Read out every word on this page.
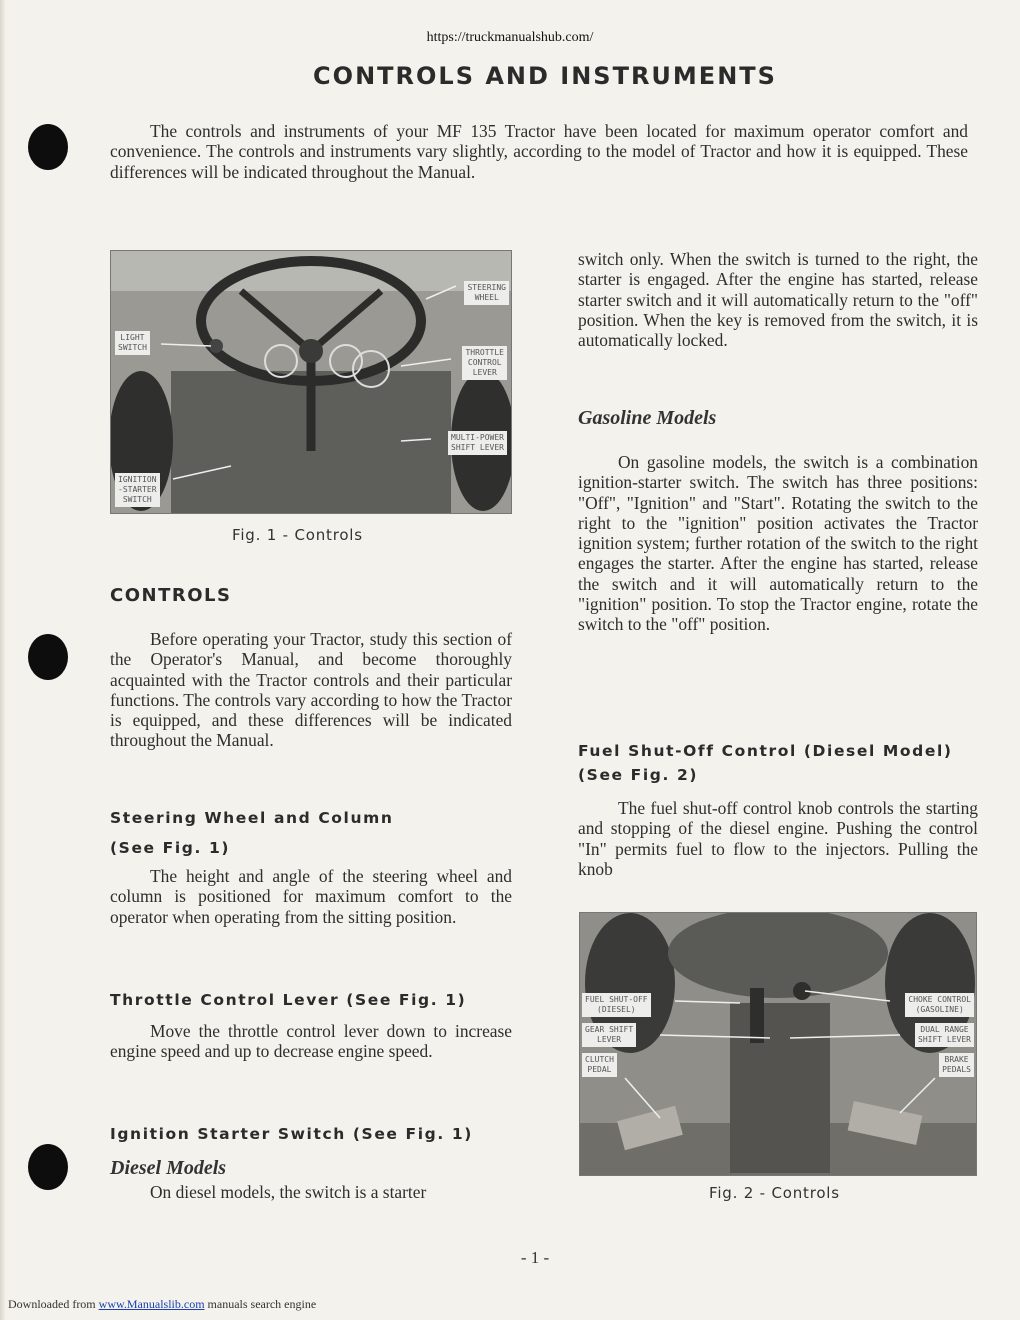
https://truckmanualshub.com/
CONTROLS AND INSTRUMENTS

The controls and instruments of your MF 135 Tractor have been located for maximum operator comfort and convenience. The controls and instruments vary slightly, according to the model of Tractor and how it is equipped. These differences will be indicated throughout the Manual.

STEERING
WHEEL
LIGHT
SWITCH
THROTTLE
CONTROL
LEVER
MULTI-POWER
SHIFT LEVER
IGNITION
-STARTER
SWITCH
Fig. 1 - Controls
CONTROLS

Before operating your Tractor, study this section of the Operator's Manual, and become thoroughly acquainted with the Tractor controls and their particular functions. The controls vary according to how the Tractor is equipped, and these differences will be indicated throughout the Manual.

Steering Wheel and Column
(See Fig. 1)

The height and angle of the steering wheel and column is positioned for maximum comfort to the operator when operating from the sitting position.

Throttle Control Lever (See Fig. 1)

Move the throttle control lever down to increase engine speed and up to decrease engine speed.

Ignition Starter Switch (See Fig. 1)
Diesel Models

On diesel models, the switch is a starter

switch only. When the switch is turned to the right, the starter is engaged. After the engine has started, release starter switch and it will automatically return to the "off" position. When the key is removed from the switch, it is automatically locked.

Gasoline Models

On gasoline models, the switch is a combination ignition-starter switch. The switch has three positions: "Off", "Ignition" and "Start". Rotating the switch to the right to the "ignition" position activates the Tractor ignition system; further rotation of the switch to the right engages the starter. After the engine has started, release the switch and it will automatically return to the "ignition" position. To stop the Tractor engine, rotate the switch to the "off" position.

Fuel Shut-Off Control (Diesel Model)
(See Fig. 2)

The fuel shut-off control knob controls the starting and stopping of the diesel engine. Pushing the control "In" permits fuel to flow to the injectors. Pulling the knob

FUEL SHUT-OFF
(DIESEL)
GEAR SHIFT
LEVER
CLUTCH
PEDAL
CHOKE CONTROL
(GASOLINE)
DUAL RANGE
SHIFT LEVER
BRAKE
PEDALS
Fig. 2 - Controls
- 1 -
Downloaded from www.Manualslib.com manuals search engine
